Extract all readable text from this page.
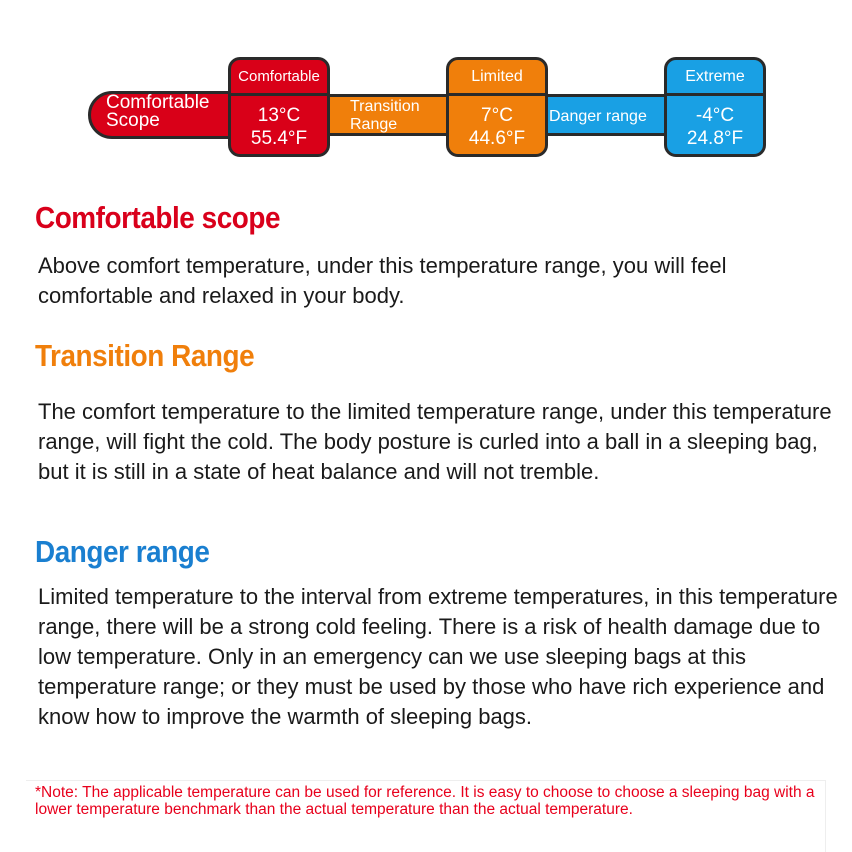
Comfortable
Scope
Transition
Range	Danger range
Comfortable
13°C
55.4°F
Limited
7°C
44.6°F
Extreme
-4°C
24.8°F
Comfortable scope
Above comfort temperature, under this temperature range, you will feel comfortable and relaxed in your body.
Transition Range
The comfort temperature to the limited temperature range, under this temperature range, will fight the cold. The body posture is curled into a ball in a sleeping bag, but it is still in a state of heat balance and will not tremble.
Danger range
Limited temperature to the interval from extreme temperatures, in this temperature range, there will be a strong cold feeling. There is a risk of health damage due to low temperature. Only in an emergency can we use sleeping bags at this temperature range; or they must be used by those who have rich experience and know how to improve the warmth of sleeping bags.
*Note: The applicable temperature can be used for reference. It is easy to choose to choose a sleeping bag with a lower temperature benchmark than the actual temperature than the actual temperature.
